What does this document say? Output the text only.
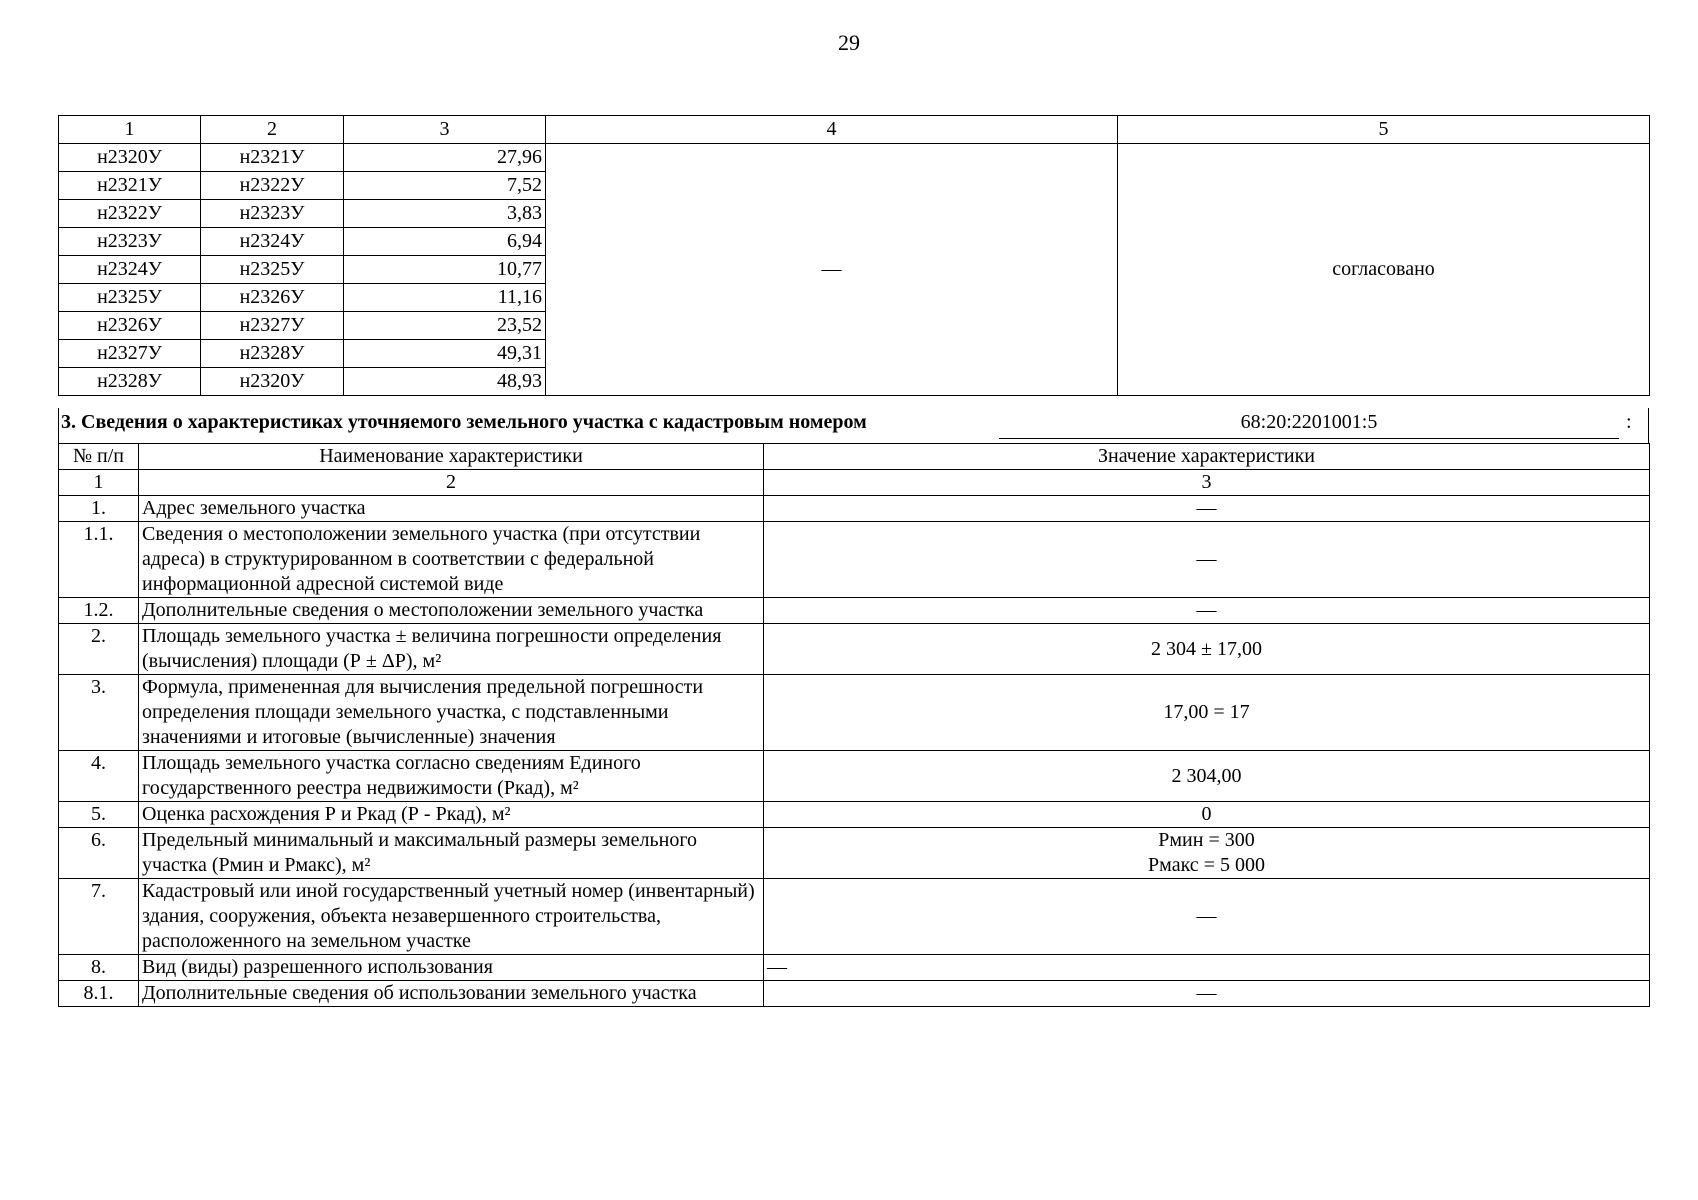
29
1	2	3	4	5
н2320У	н2321У	27,96	—	согласовано
н2321У	н2322У	7,52		
н2322У	н2323У	3,83		
н2323У	н2324У	6,94		
н2324У	н2325У	10,77		
н2325У	н2326У	11,16		
н2326У	н2327У	23,52		
н2327У	н2328У	49,31		
н2328У	н2320У	48,93		
3. Сведения о характеристиках уточняемого земельного участка с кадастровым номером	68:20:2201001:5	:
№ п/п	Наименование характеристики	Значение характеристики
1	2	3
1.	Адрес земельного участка	—
1.1.	Сведения о местоположении земельного участка (при отсутствии адреса) в структурированном в соответствии с федеральной информационной адресной системой виде	—
1.2.	Дополнительные сведения о местоположении земельного участка	—
2.	Площадь земельного участка ± величина погрешности определения (вычисления) площади (Р ± ΔР), м²	2 304 ± 17,00
3.	Формула, примененная для вычисления предельной погрешности определения площади земельного участка, с подставленными значениями и итоговые (вычисленные) значения	17,00 = 17
4.	Площадь земельного участка согласно сведениям Единого государственного реестра недвижимости (Ркад), м²	2 304,00
5.	Оценка расхождения Р и Ркад (Р - Ркад), м²	0
6.	Предельный минимальный и максимальный размеры земельного участка (Рмин и Рмакс), м²	Рмин = 300
Рмакс = 5 000

7.	Кадастровый или иной государственный учетный номер (инвентарный) здания, сооружения, объекта незавершенного строительства, расположенного на земельном участке	—
8.	Вид (виды) разрешенного использования	—
8.1.	Дополнительные сведения об использовании земельного участка	—
